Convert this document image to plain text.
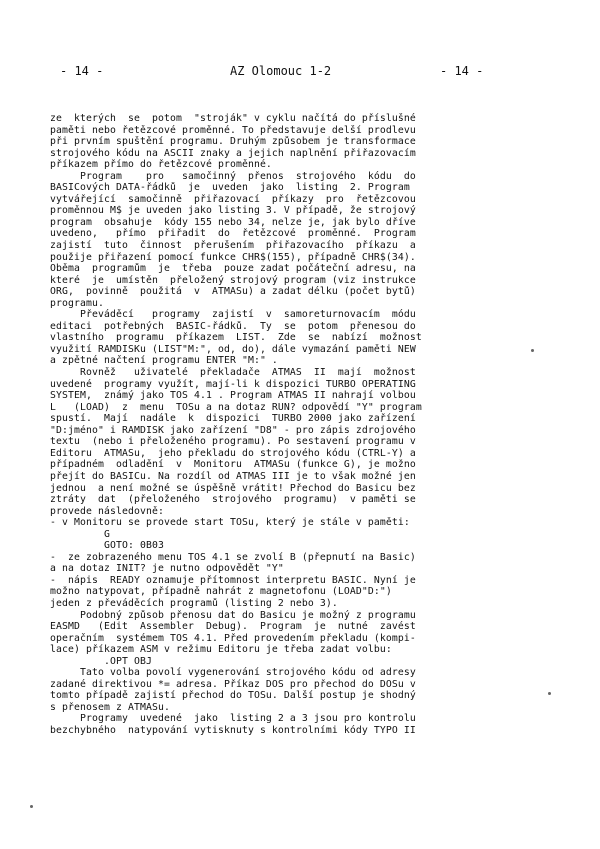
- 14 -	AZ Olomouc 1-2	- 14 -
ze  kterých  se  potom  "stroják" v cyklu načítá do příslušné
paměti nebo řetězcové proměnné. To představuje delší prodlevu
při prvním spuštění programu. Druhým způsobem je transformace
strojového kódu na ASCII znaky a jejich naplnění přiřazovacím
příkazem přímo do řetězcové proměnné.
Program    pro   samočinný  přenos  strojového  kódu  do
BASICových DATA-řádků  je  uveden  jako  listing  2. Program
vytvářející  samočinně  přiřazovací  příkazy  pro  řetězcovou
proměnnou M$ je uveden jako listing 3. V případě, že strojový
program  obsahuje  kódy 155 nebo 34, nelze je, jak bylo dříve
uvedeno,   přímo  přiřadit  do  řetězcové  proměnné.  Program
zajistí  tuto  činnost  přerušením  přiřazovacího  příkazu  a
použije přiřazení pomocí funkce CHR$(155), případně CHR$(34).
Oběma  programům  je  třeba  pouze zadat počáteční adresu, na
které  je  umístěn  přeložený strojový program (viz instrukce
ORG,  povinně  použitá  v  ATMASu) a zadat délku (počet bytů)
programu.
Převáděcí   programy  zajistí  v  samoreturnovacím  módu
editaci  potřebných  BASIC-řádků.  Ty  se  potom  přenesou do
vlastního  programu  příkazem  LIST.  Zde  se  nabízí  možnost
využití RAMDISKu (LIST"M:", od, do), dále vymazání paměti NEW
a zpětné načtení programu ENTER "M:" .
Rovněž   uživatelé  překladače  ATMAS  II  mají  možnost
uvedené  programy využít, mají-li k dispozici TURBO OPERATING
SYSTEM,  známý jako TOS 4.1 . Program ATMAS II nahrají volbou
L   (LOAD)  z  menu  TOSu a na dotaz RUN? odpovědí "Y" program
spustí.  Mají  nadále  k  dispozici  TURBO 2000 jako zařízení
"D:jméno" i RAMDISK jako zařízení "D8" - pro zápis zdrojového
textu  (nebo i přeloženého programu). Po sestavení programu v
Editoru  ATMASu,  jeho překladu do strojového kódu (CTRL-Y) a
případném  odladění  v  Monitoru  ATMASu (funkce G), je možno
přejít do BASICu. Na rozdíl od ATMAS III je to však možné jen
jednou  a není možné se úspěšně vrátit! Přechod do Basicu bez
ztráty  dat  (přeloženého  strojového  programu)  v paměti se
provede následovně:
- v Monitoru se provede start TOSu, který je stále v paměti:
G
GOTO: 0B03
-  ze zobrazeného menu TOS 4.1 se zvolí B (přepnutí na Basic)
a na dotaz INIT? je nutno odpovědět "Y"
-  nápis  READY oznamuje přítomnost interpretu BASIC. Nyní je
možno natypovat, případně nahrát z magnetofonu (LOAD"D:")
jeden z převáděcích programů (listing 2 nebo 3).
Podobný způsob přenosu dat do Basicu je možný z programu
EASMD   (Edit  Assembler  Debug).  Program  je  nutné  zavést
operačním  systémem TOS 4.1. Před provedením překladu (kompi-
lace) příkazem ASM v režimu Editoru je třeba zadat volbu:
.OPT OBJ
Tato volba povolí vygenerování strojového kódu od adresy
zadané direktivou *= adresa. Příkaz DOS pro přechod do DOSu v
tomto případě zajistí přechod do TOSu. Další postup je shodný
s přenosem z ATMASu.
Programy  uvedené  jako  listing 2 a 3 jsou pro kontrolu
bezchybného  natypování vytisknuty s kontrolními kódy TYPO II
